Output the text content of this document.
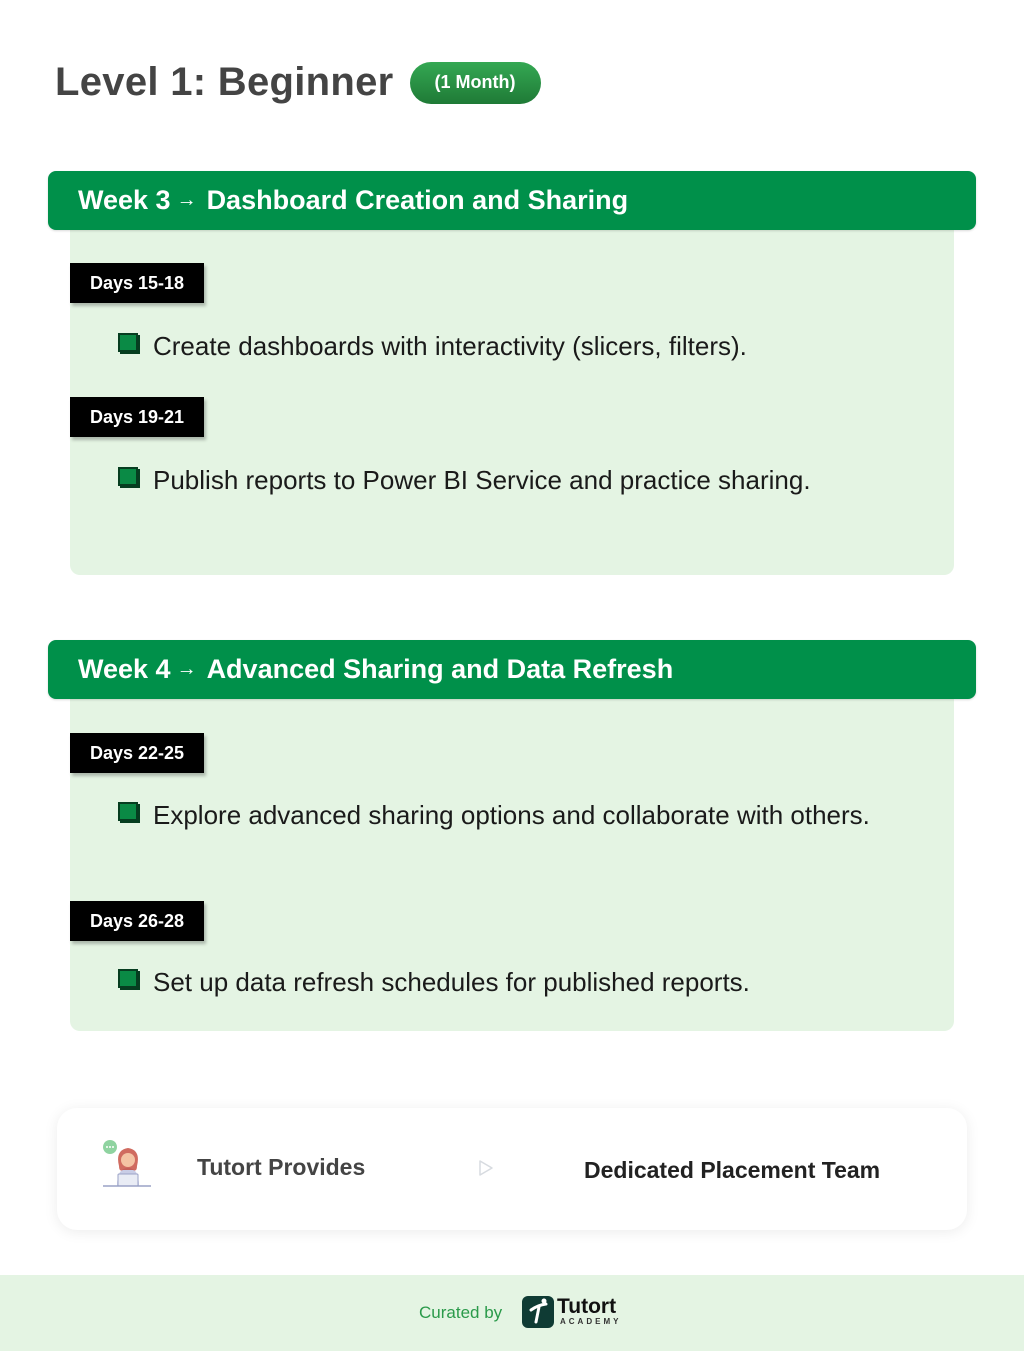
Level 1: Beginner	(1 Month)
Week 3 → Dashboard Creation and Sharing
Days 15-18
Create dashboards with interactivity (slicers, filters).
Days 19-21
Publish reports to Power BI Service and practice sharing.
Week 4 → Advanced Sharing and Data Refresh
Days 22-25
Explore advanced sharing options and collaborate with others.
Days 26-28
Set up data refresh schedules for published reports.
Tutort Provides	Dedicated Placement Team
Curated by	Tutort
ACADEMY
